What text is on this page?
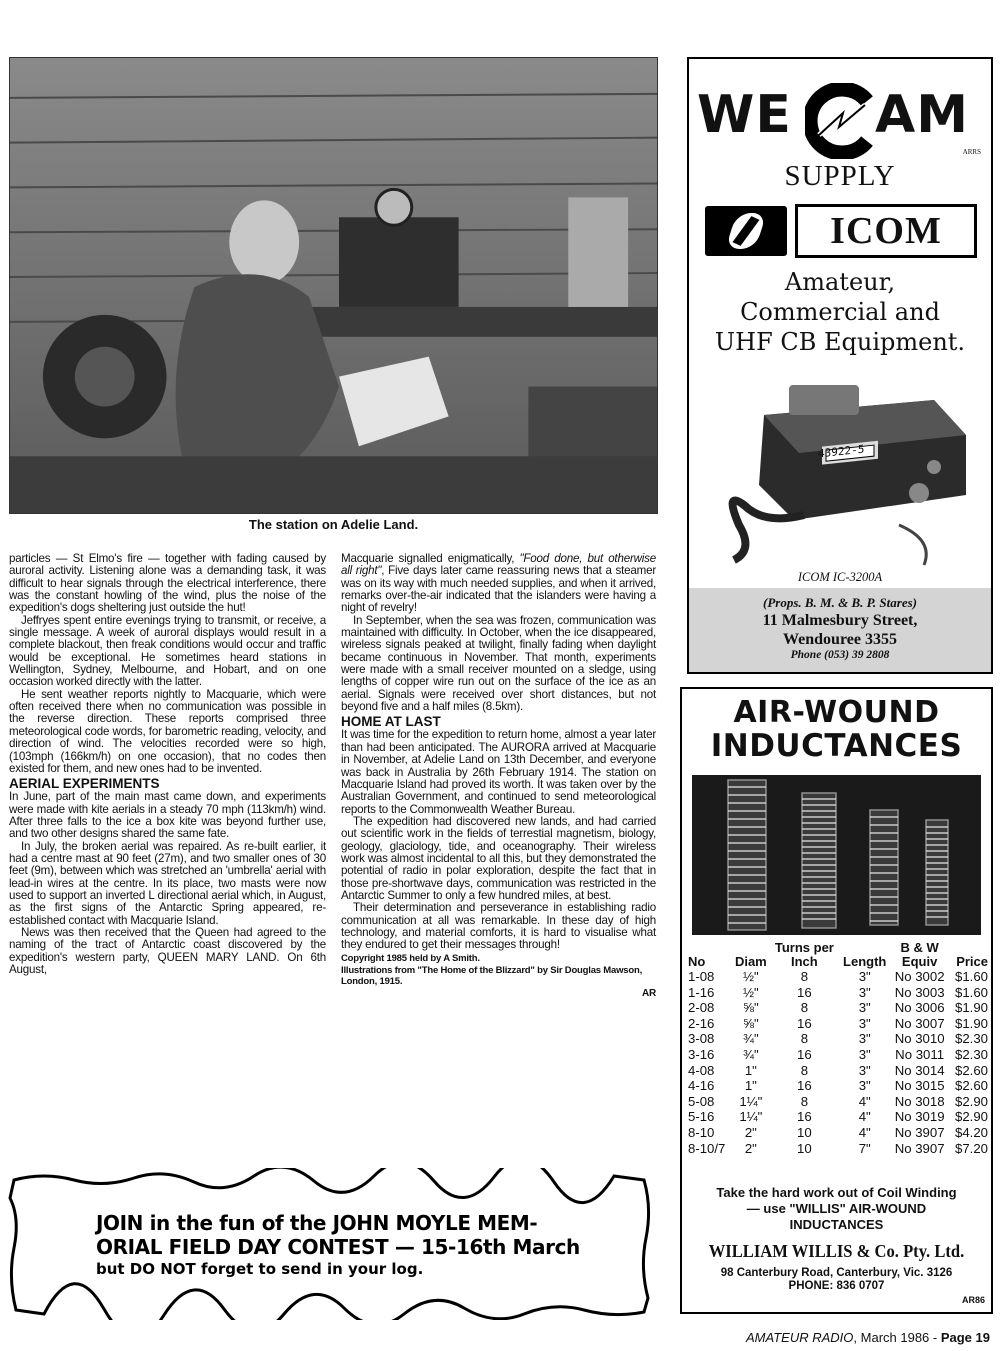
The station on Adelie Land.

particles — St Elmo's fire — together with fading caused by auroral activity. Listening alone was a demanding task, it was difficult to hear signals through the electrical interference, there was the constant howling of the wind, plus the noise of the expedition's dogs sheltering just outside the hut!

Jeffryes spent entire evenings trying to transmit, or receive, a single message. A week of auroral displays would result in a complete blackout, then freak conditions would occur and traffic would be exceptional. He sometimes heard stations in Wellington, Sydney, Melbourne, and Hobart, and on one occasion worked directly with the latter.

He sent weather reports nightly to Macquarie, which were often received there when no communication was possible in the reverse direction. These reports comprised three meteorological code words, for barometric reading, velocity, and direction of wind. The velocities recorded were so high, (103mph (166km/h) on one occasion), that no codes then existed for them, and new ones had to be invented.

AERIAL EXPERIMENTS

In June, part of the main mast came down, and experiments were made with kite aerials in a steady 70 mph (113km/h) wind. After three falls to the ice a box kite was beyond further use, and two other designs shared the same fate.

In July, the broken aerial was repaired. As re-built earlier, it had a centre mast at 90 feet (27m), and two smaller ones of 30 feet (9m), between which was stretched an 'umbrella' aerial with lead-in wires at the centre. In its place, two masts were now used to support an inverted L directional aerial which, in August, as the first signs of the Antarctic Spring appeared, re- established contact with Macquarie Island.

News was then received that the Queen had agreed to the naming of the tract of Antarctic coast discovered by the expedition's western party, QUEEN MARY LAND. On 6th August,

Macquarie signalled enigmatically, "Food done, but otherwise all right", Five days later came reassuring news that a steamer was on its way with much needed supplies, and when it arrived, remarks over-the-air indicated that the islanders were having a night of revelry!

In September, when the sea was frozen, communication was maintained with difficulty. In October, when the ice disappeared, wireless signals peaked at twilight, finally fading when daylight became continuous in November. That month, experiments were made with a small receiver mounted on a sledge, using lengths of copper wire run out on the surface of the ice as an aerial. Signals were received over short distances, but not beyond five and a half miles (8.5km).

HOME AT LAST

It was time for the expedition to return home, almost a year later than had been anticipated. The AURORA arrived at Macquarie in November, at Adelie Land on 13th December, and everyone was back in Australia by 26th February 1914. The station on Macquarie Island had proved its worth. It was taken over by the Australian Government, and continued to send meteorological reports to the Commonwealth Weather Bureau.

The expedition had discovered new lands, and had carried out scientific work in the fields of terrestial magnetism, biology, geology, glaciology, tide, and oceanography. Their wireless work was almost incidental to all this, but they demonstrated the potential of radio in polar exploration, despite the fact that in those pre-shortwave days, communication was restricted in the Antarctic Summer to only a few hundred miles, at best.

Their determination and perseverance in establishing radio communication at all was remarkable. In these day of high technology, and material comforts, it is hard to visualise what they endured to get their messages through!

Copyright 1985 held by A Smith.
Illustrations from "The Home of the Blizzard" by Sir Douglas Mawson, London, 1915.
AR
WE AM
ARRS
SUPPLY
ICOM
Amateur,
Commercial and
UHF CB Equipment.
43922-5
ICOM IC-3200A
(Props. B. M. & B. P. Stares)
11 Malmesbury Street,
Wendouree 3355
Phone (053) 39 2808
AIR-WOUND
INDUCTANCES
		Turns per		B & W	
No	Diam	Inch	Length	Equiv	Price
1-08	½"	8	3"	No 3002	$1.60
1-16	½"	16	3"	No 3003	$1.60
2-08	⅝"	8	3"	No 3006	$1.90
2-16	⅝"	16	3"	No 3007	$1.90
3-08	¾"	8	3"	No 3010	$2.30
3-16	¾"	16	3"	No 3011	$2.30
4-08	1"	8	3"	No 3014	$2.60
4-16	1"	16	3"	No 3015	$2.60
5-08	1¼"	8	4"	No 3018	$2.90
5-16	1¼"	16	4"	No 3019	$2.90
8-10	2"	10	4"	No 3907	$4.20
8-10/7	2"	10	7"	No 3907	$7.20
Take the hard work out of Coil Winding
— use "WILLIS" AIR-WOUND
INDUCTANCES
WILLIAM WILLIS & Co. Pty. Ltd.
98 Canterbury Road, Canterbury, Vic. 3126
PHONE: 836 0707
AR86
JOIN in the fun of the JOHN MOYLE MEM-
ORIAL FIELD DAY CONTEST — 15-16th March
but DO NOT forget to send in your log.
AMATEUR RADIO, March 1986 - Page 19
